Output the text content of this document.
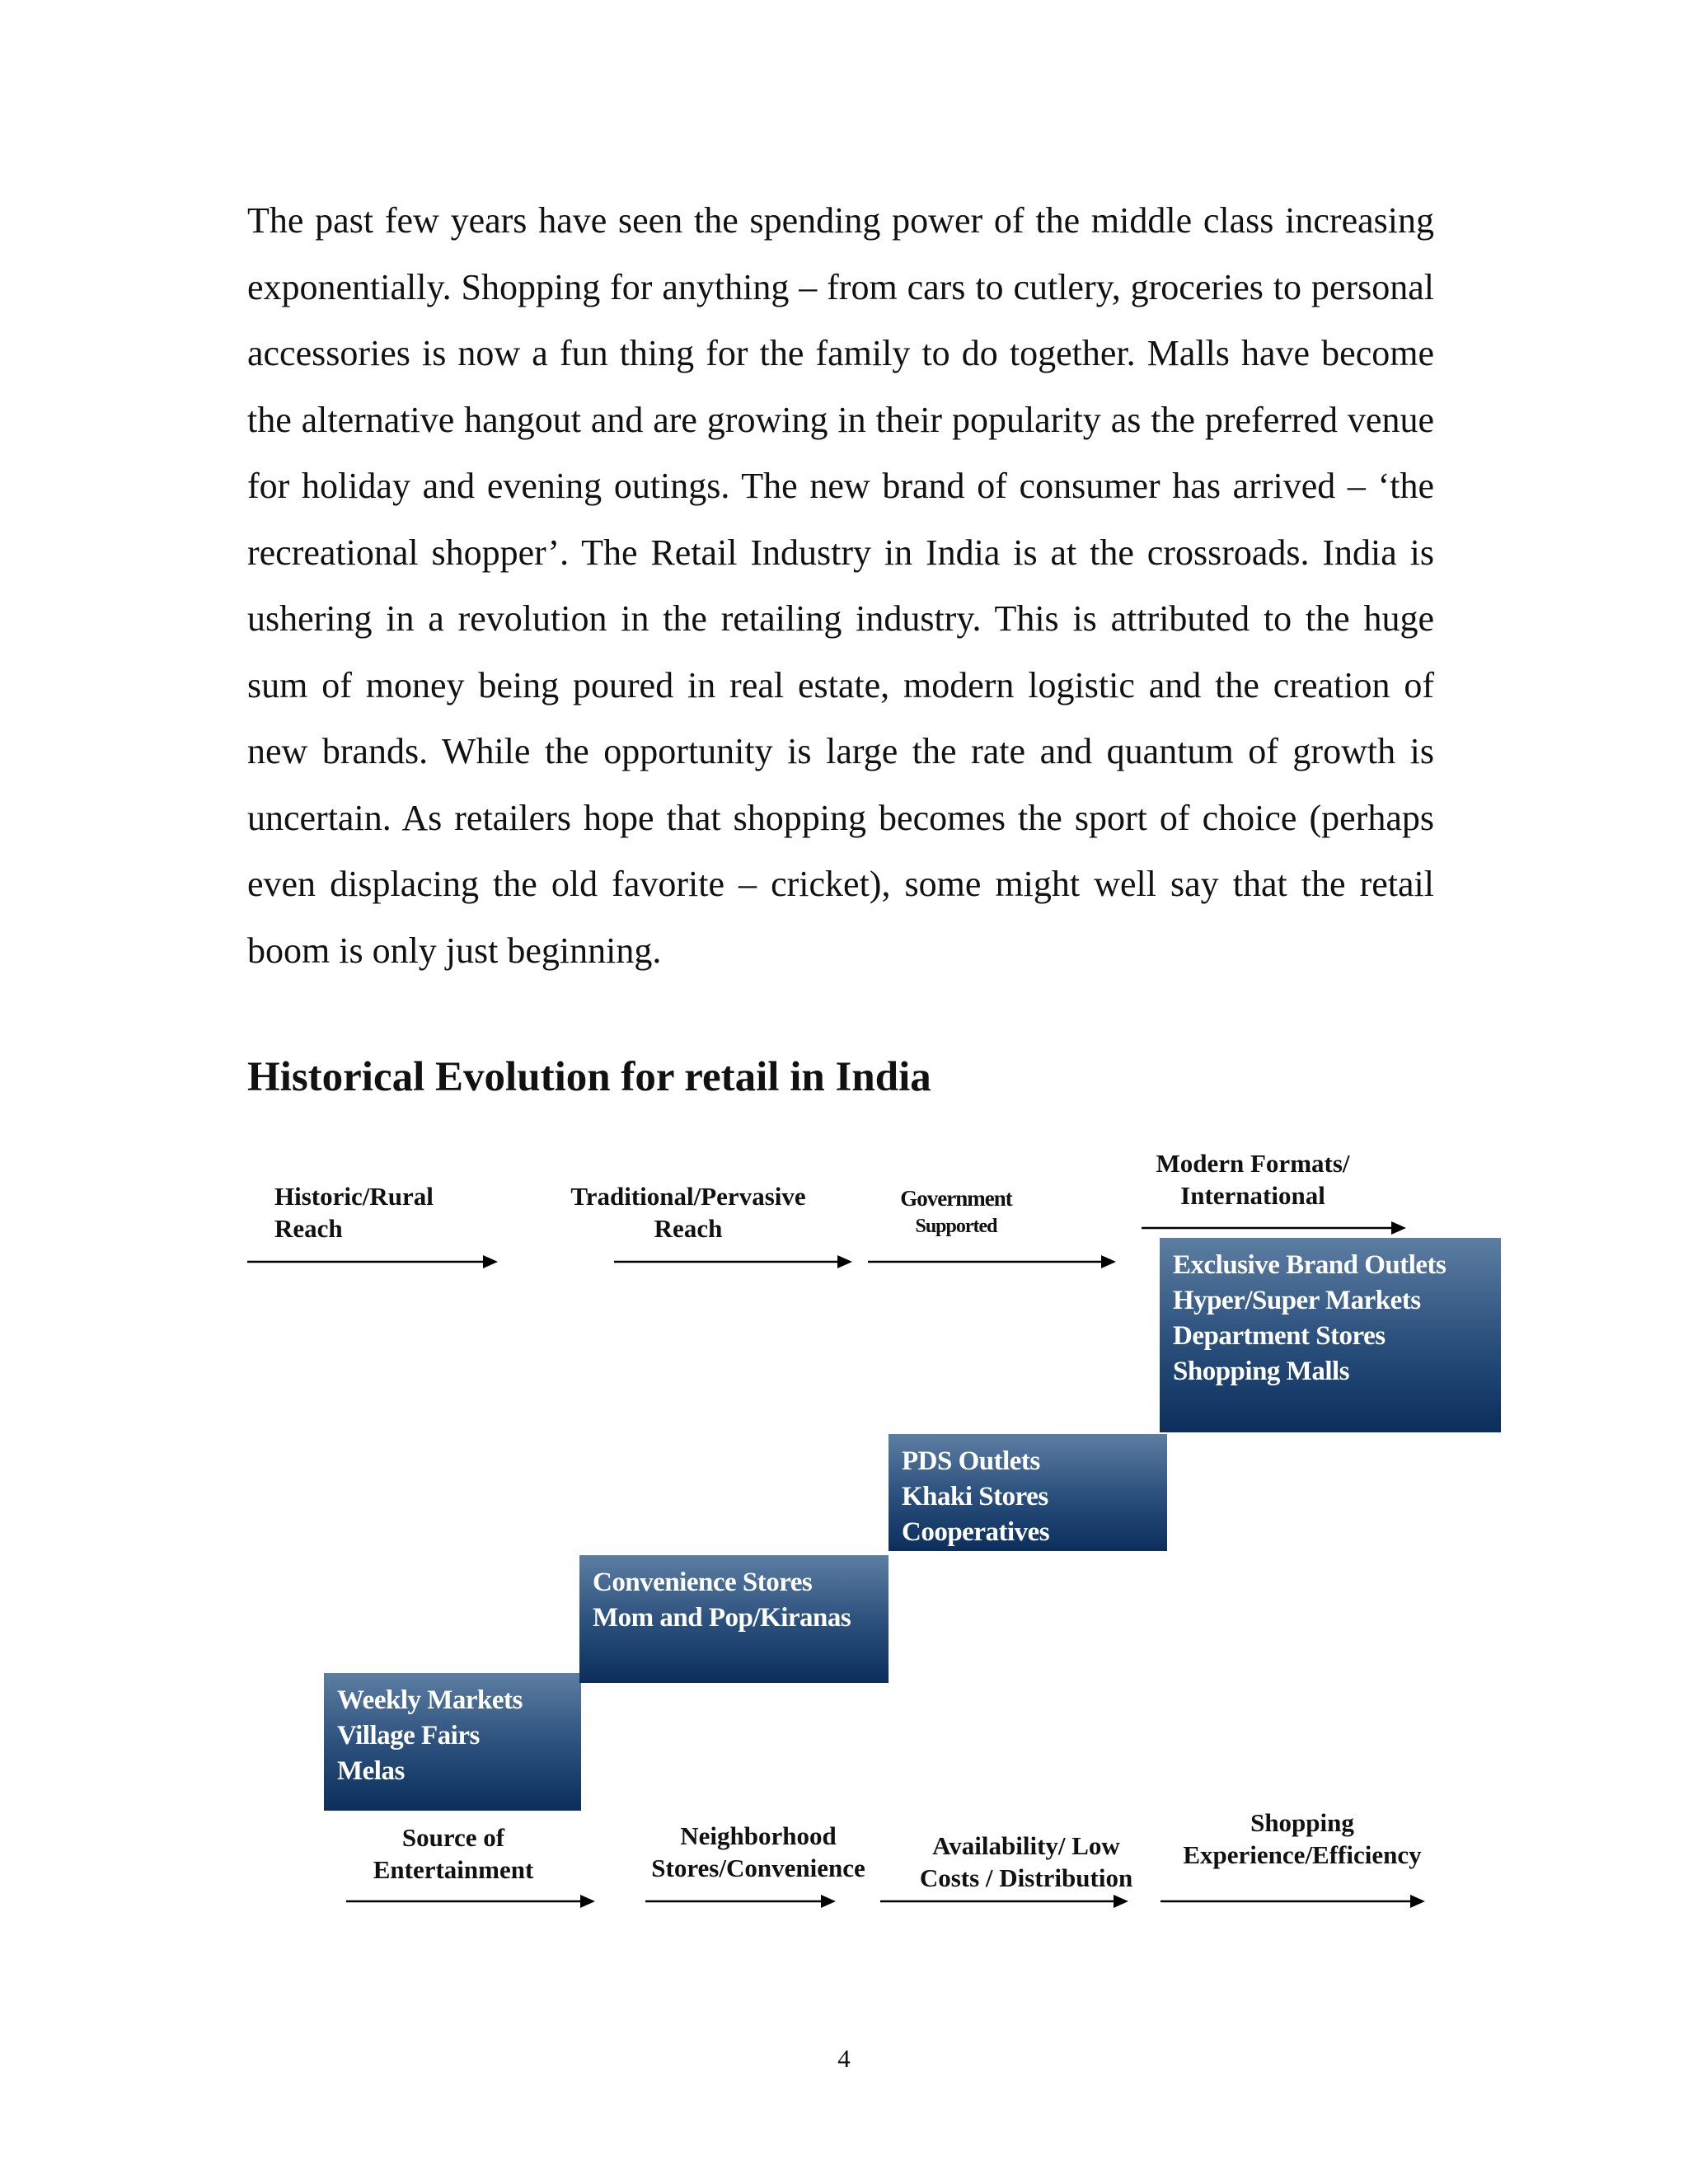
The past few years have seen the spending power of the middle class increasing exponentially. Shopping for anything – from cars to cutlery, groceries to personal accessories is now a fun thing for the family to do together. Malls have become the alternative hangout and are growing in their popularity as the preferred venue for holiday and evening outings. The new brand of consumer has arrived – ‘the recreational shopper’. The Retail Industry in India is at the crossroads. India is ushering in a revolution in the retailing industry. This is attributed to the huge sum of money being poured in real estate, modern logistic and the creation of new brands. While the opportunity is large the rate and quantum of growth is uncertain. As retailers hope that shopping becomes the sport of choice (perhaps even displacing the old favorite – cricket), some might well say that the retail boom is only just beginning.

Historical Evolution for retail in India
Historic/Rural
Reach
Traditional/Pervasive
Reach
Government
Supported
Modern Formats/
International
Weekly Markets
Village Fairs
Melas
Convenience Stores
Mom and Pop/Kiranas
PDS Outlets
Khaki Stores
Cooperatives
Exclusive Brand Outlets
Hyper/Super Markets
Department Stores
Shopping Malls
Source of
Entertainment
Neighborhood
Stores/Convenience
Availability/ Low
Costs / Distribution
Shopping
Experience/Efficiency
4
